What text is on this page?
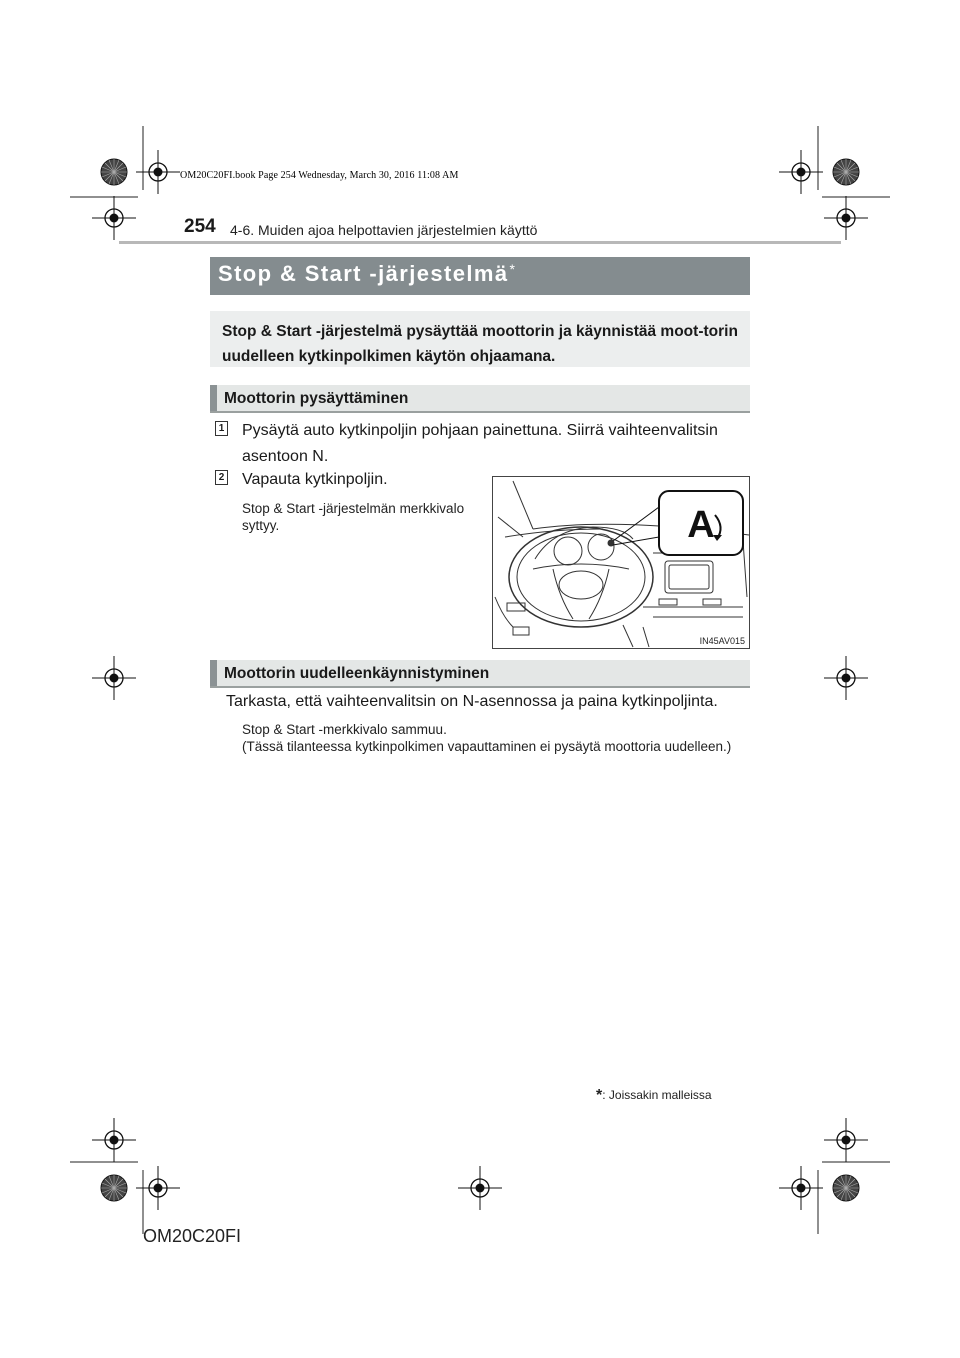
OM20C20FI.book Page 254 Wednesday, March 30, 2016 11:08 AM
254 4-6. Muiden ajoa helpottavien järjestelmien käyttö
Stop & Start -järjestelmä*
Stop & Start -järjestelmä pysäyttää moottorin ja käynnistää moot-torin uudelleen kytkinpolkimen käytön ohjaamana.
Moottorin pysäyttäminen
1 Pysäytä auto kytkinpoljin pohjaan painettuna. Siirrä vaihteenvalitsin asentoon N.
2 Vapauta kytkinpoljin.
Stop & Start -järjestelmän merkkivalo syttyy.	A
IN45AV015
Moottorin uudelleenkäynnistyminen
Tarkasta, että vaihteenvalitsin on N-asennossa ja paina kytkinpoljinta.
Stop & Start -merkkivalo sammuu.
(Tässä tilanteessa kytkinpolkimen vapauttaminen ei pysäytä moottoria uudelleen.)
*: Joissakin malleissa
OM20C20FI
